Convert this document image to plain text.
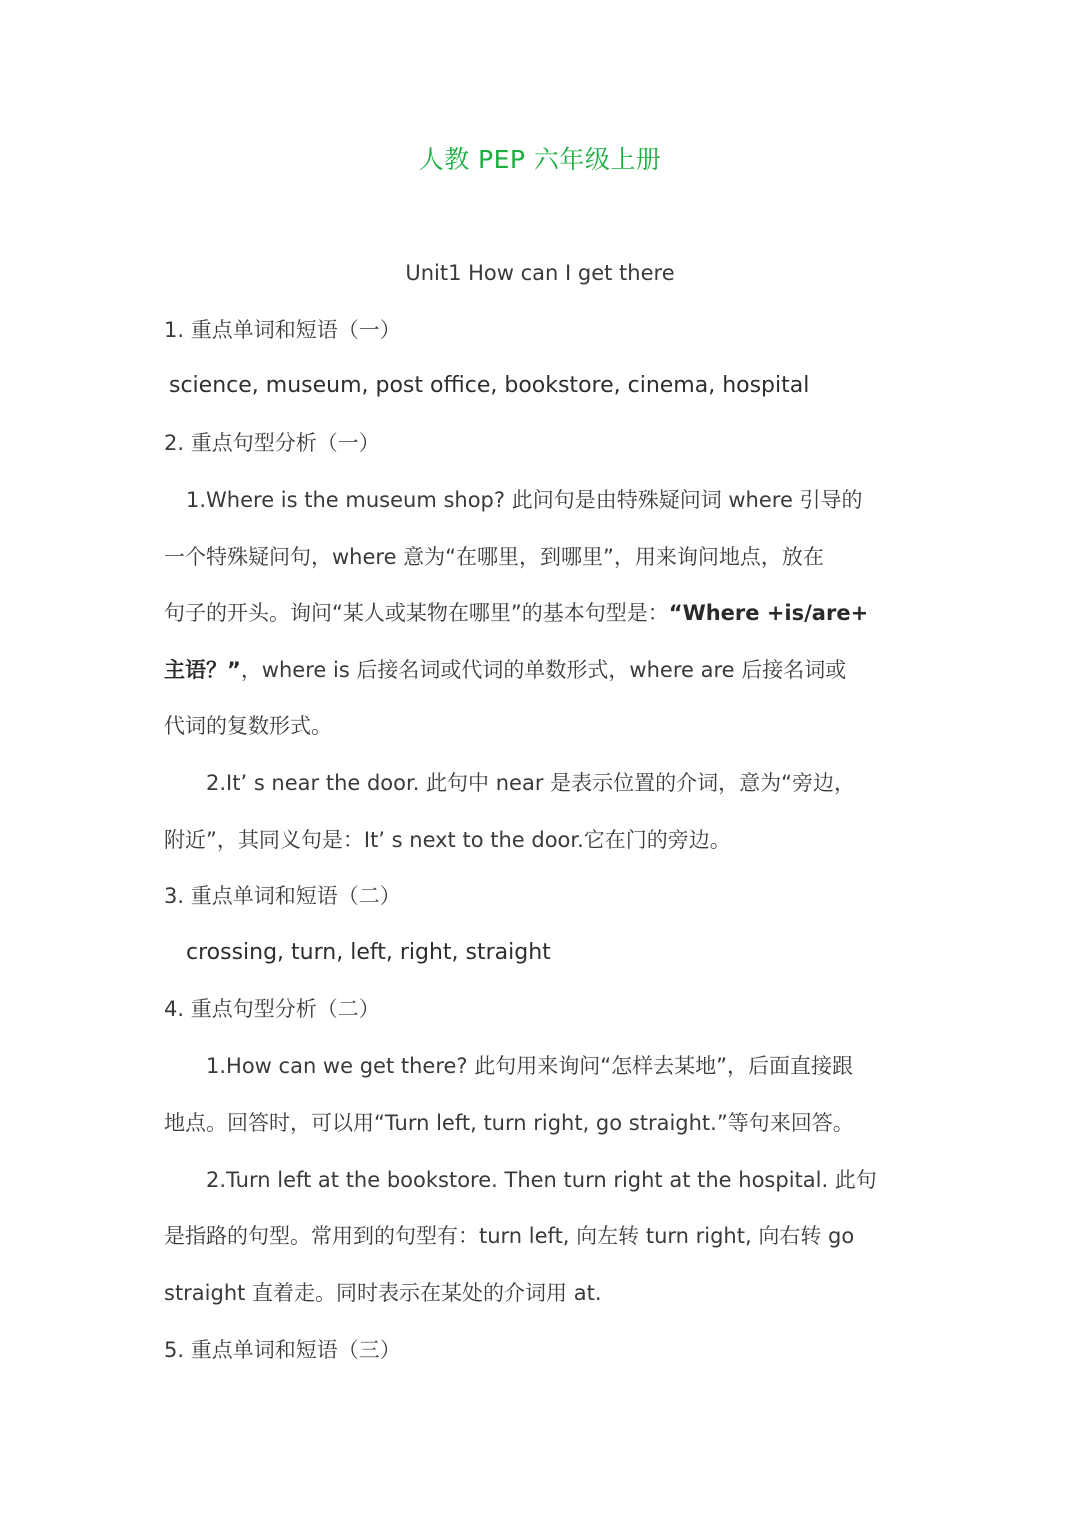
人教 PEP 六年级上册

Unit1 How can I get there

1. 重点单词和短语（一）

science, museum, post office, bookstore, cinema, hospital

2. 重点句型分析（一）

1.Where is the museum shop? 此问句是由特殊疑问词 where 引导的

一个特殊疑问句，where 意为“在哪里，到哪里”，用来询问地点，放在

句子的开头。询问“某人或某物在哪里”的基本句型是：“Where +is/are+

主语？”，where is 后接名词或代词的单数形式，where are 后接名词或

代词的复数形式。

2.It’ s near the door. 此句中 near 是表示位置的介词，意为“旁边，

附近”，其同义句是：It’ s next to the door.它在门的旁边。

3. 重点单词和短语（二）

crossing, turn, left, right, straight

4. 重点句型分析（二）

1.How can we get there? 此句用来询问“怎样去某地”，后面直接跟

地点。回答时，可以用“Turn left, turn right, go straight.”等句来回答。

2.Turn left at the bookstore. Then turn right at the hospital. 此句

是指路的句型。常用到的句型有：turn left, 向左转 turn right, 向右转 go

straight 直着走。同时表示在某处的介词用 at.

5. 重点单词和短语（三）
